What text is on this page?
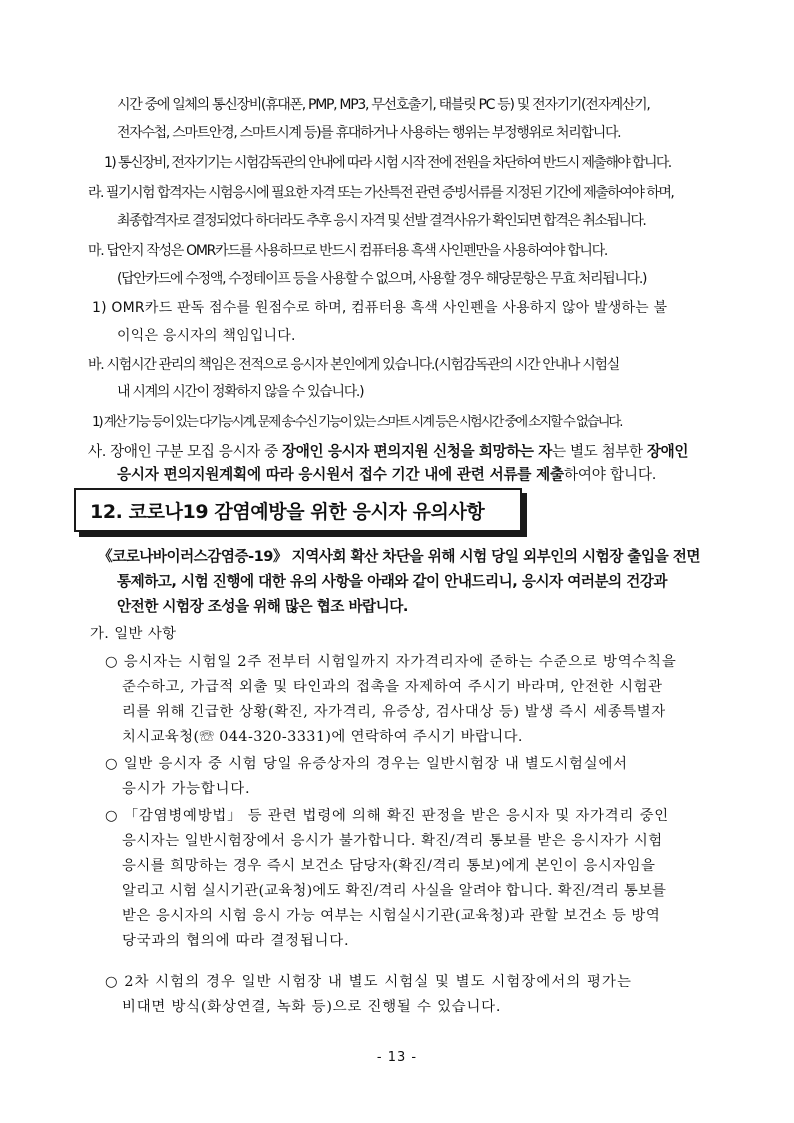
시간 중에 일체의 통신장비(휴대폰, PMP, MP3, 무선호출기, 태블릿 PC 등) 및 전자기기(전자계산기,
전자수첩, 스마트안경, 스마트시계 등)를 휴대하거나 사용하는 행위는 부정행위로 처리합니다.
1) 통신장비, 전자기기는 시험감독관의 안내에 따라 시험 시작 전에 전원을 차단하여 반드시 제출해야 합니다.
라. 필기시험 합격자는 시험응시에 필요한 자격 또는 가산특전 관련 증빙서류를 지정된 기간에 제출하여야 하며,
최종합격자로 결정되었다 하더라도 추후 응시 자격 및 선발 결격사유가 확인되면 합격은 취소됩니다.
마. 답안지 작성은 OMR카드를 사용하므로 반드시 컴퓨터용 흑색 사인펜만을 사용하여야 합니다.
(답안카드에 수정액, 수정테이프 등을 사용할 수 없으며, 사용할 경우 해당문항은 무효 처리됩니다.)
1) OMR카드 판독 점수를 원점수로 하며, 컴퓨터용 흑색 사인펜을 사용하지 않아 발생하는 불
이익은 응시자의 책임입니다.
바. 시험시간 관리의 책임은 전적으로 응시자 본인에게 있습니다.(시험감독관의 시간 안내나 시험실
내 시계의 시간이 정확하지 않을 수 있습니다.)
1) 계산 기능 등이 있는 다기능시계, 문제 송·수신 기능이 있는 스마트 시계 등은 시험시간 중에 소지할 수 없습니다.
사. 장애인 구분 모집 응시자 중 장애인 응시자 편의지원 신청을 희망하는 자는 별도 첨부한 장애인
응시자 편의지원계획에 따라 응시원서 접수 기간 내에 관련 서류를 제출하여야 합니다.
12. 코로나19 감염예방을 위한 응시자 유의사항
《코로나바이러스감염증-19》 지역사회 확산 차단을 위해 시험 당일 외부인의 시험장 출입을 전면
통제하고, 시험 진행에 대한 유의 사항을 아래와 같이 안내드리니, 응시자 여러분의 건강과
안전한 시험장 조성을 위해 많은 협조 바랍니다.
가. 일반 사항
○ 응시자는 시험일 2주 전부터 시험일까지 자가격리자에 준하는 수준으로 방역수칙을
준수하고, 가급적 외출 및 타인과의 접촉을 자제하여 주시기 바라며, 안전한 시험관
리를 위해 긴급한 상황(확진, 자가격리, 유증상, 검사대상 등) 발생 즉시 세종특별자
치시교육청(☏ 044-320-3331)에 연락하여 주시기 바랍니다.
○ 일반 응시자 중 시험 당일 유증상자의 경우는 일반시험장 내 별도시험실에서
응시가 가능합니다.
○ 「감염병예방법」 등 관련 법령에 의해 확진 판정을 받은 응시자 및 자가격리 중인
응시자는 일반시험장에서 응시가 불가합니다. 확진/격리 통보를 받은 응시자가 시험
응시를 희망하는 경우 즉시 보건소 담당자(확진/격리 통보)에게 본인이 응시자임을
알리고 시험 실시기관(교육청)에도 확진/격리 사실을 알려야 합니다. 확진/격리 통보를
받은 응시자의 시험 응시 가능 여부는 시험실시기관(교육청)과 관할 보건소 등 방역
당국과의 협의에 따라 결정됩니다.
○ 2차 시험의 경우 일반 시험장 내 별도 시험실 및 별도 시험장에서의 평가는
비대면 방식(화상연결, 녹화 등)으로 진행될 수 있습니다.
- 13 -
